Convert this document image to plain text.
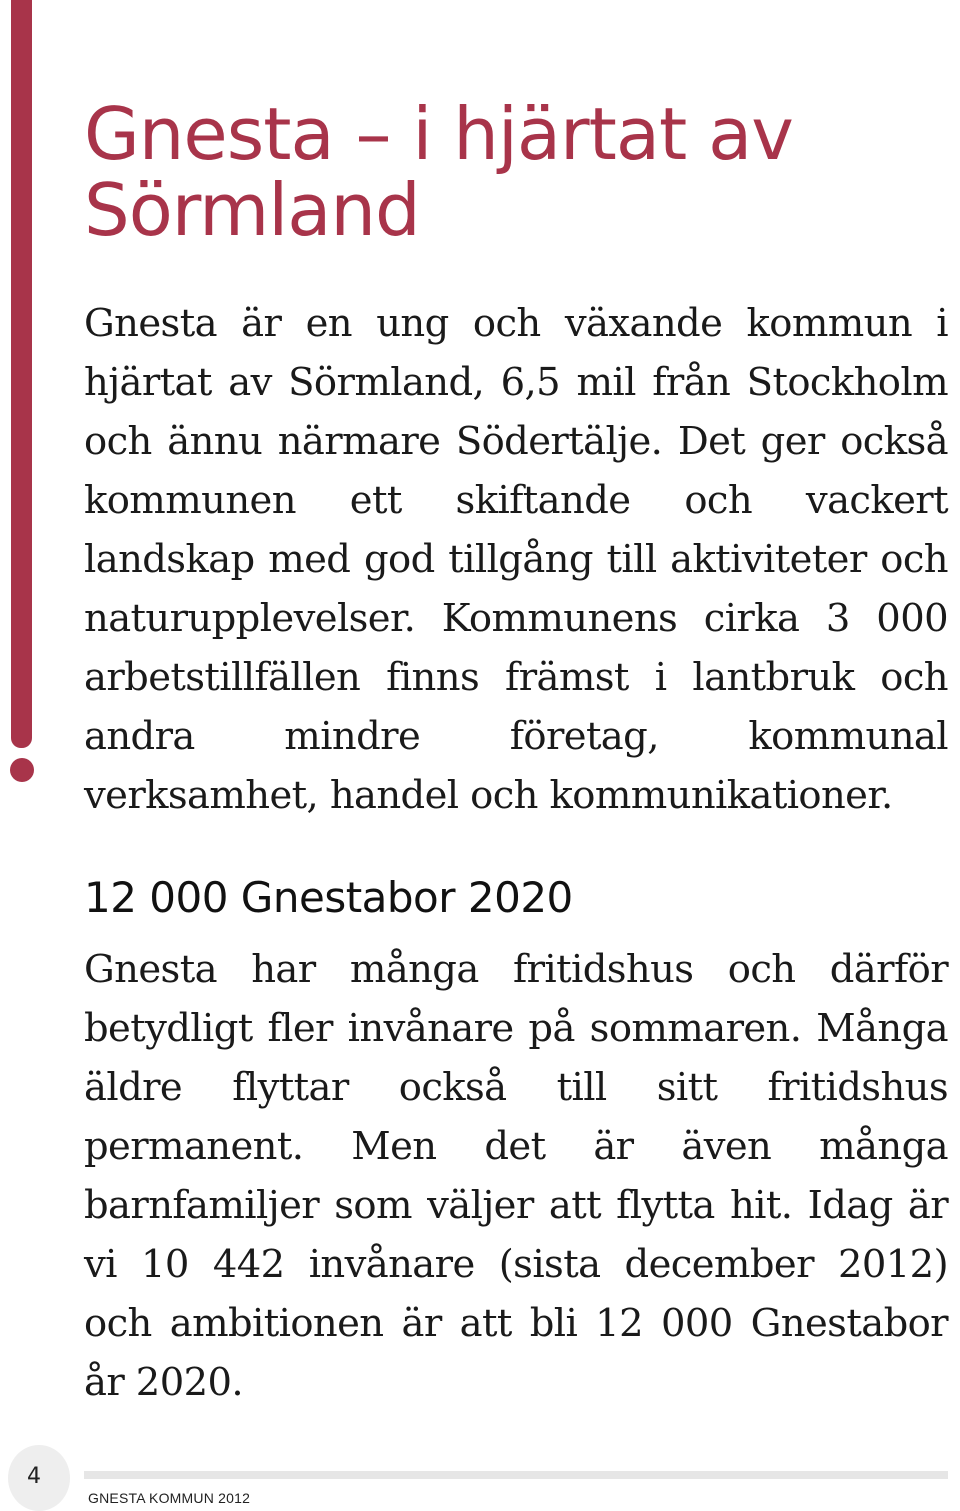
Gnesta – i hjärtat av Sörmland

Gnesta är en ung och växande kommun i hjärtat av Sörmland, 6,5 mil från Stockholm och ännu närmare Södertälje. Det ger också kommunen ett skiftande och vackert landskap med god tillgång till aktiviteter och naturupplevelser. Kommunens cirka 3 000 arbetstillfällen finns främst i lantbruk och andra mindre företag, kommunal verksamhet, handel och kommunikationer.

12 000 Gnestabor 2020

Gnesta har många fritidshus och därför betydligt fler invånare på sommaren. Många äldre flyttar också till sitt fritidshus permanent. Men det är även många barnfamiljer som väljer att flytta hit. Idag är vi 10 442 invånare (sista december 2012) och ambitionen är att bli 12 000 Gnestabor år 2020.

4
GNESTA KOMMUN 2012
